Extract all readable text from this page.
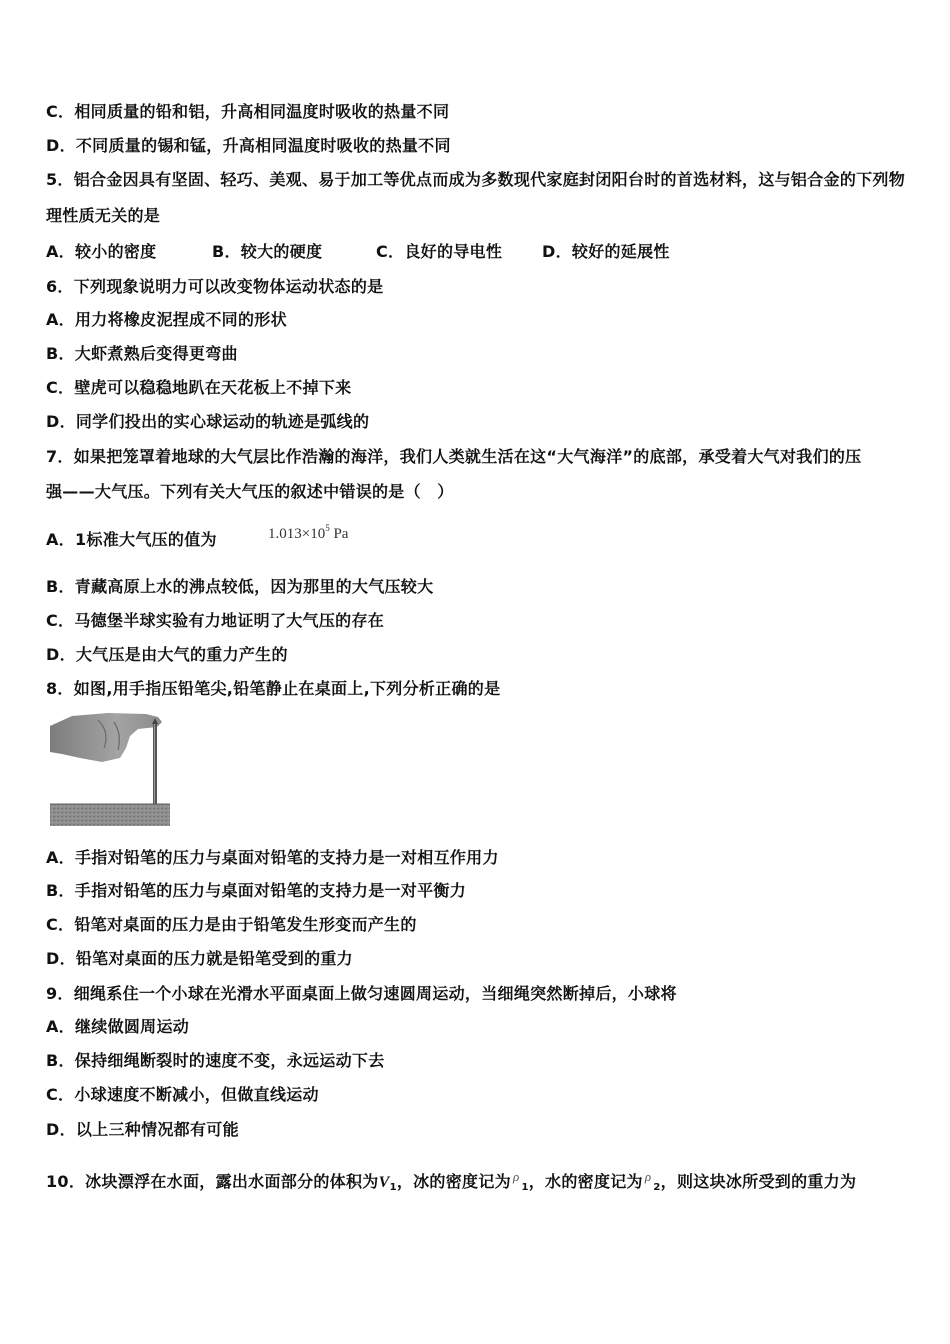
C．相同质量的铅和铝，升高相同温度时吸收的热量不同
D．不同质量的锡和锰，升高相同温度时吸收的热量不同
5．铝合金因具有坚固、轻巧、美观、易于加工等优点而成为多数现代家庭封闭阳台时的首选材料，这与铝合金的下列物
理性质无关的是
A．较小的密度	B．较大的硬度	C．良好的导电性 D．较好的延展性
6．下列现象说明力可以改变物体运动状态的是
A．用力将橡皮泥捏成不同的形状
B．大虾煮熟后变得更弯曲
C．壁虎可以稳稳地趴在天花板上不掉下来
D．同学们投出的实心球运动的轨迹是弧线的
7．如果把笼罩着地球的大气层比作浩瀚的海洋，我们人类就生活在这“大气海洋”的底部，承受着大气对我们的压
强——大气压。下列有关大气压的叙述中错误的是（　）
A．1标准大气压的值为	$1.013\times 10^5$ Pa
B．青藏高原上水的沸点较低，因为那里的大气压较大
C．马德堡半球实验有力地证明了大气压的存在
D．大气压是由大气的重力产生的
8．如图,用手指压铅笔尖,铅笔静止在桌面上,下列分析正确的是
A．手指对铅笔的压力与桌面对铅笔的支持力是一对相互作用力
B．手指对铅笔的压力与桌面对铅笔的支持力是一对平衡力
C．铅笔对桌面的压力是由于铅笔发生形变而产生的
D．铅笔对桌面的压力就是铅笔受到的重力
9．细绳系住一个小球在光滑水平面桌面上做匀速圆周运动，当细绳突然断掉后，小球将
A．继续做圆周运动
B．保持细绳断裂时的速度不变，永远运动下去
C．小球速度不断减小，但做直线运动
D．以上三种情况都有可能
10．冰块漂浮在水面，露出水面部分的体积为$V_1$，冰的密度记为 $^\rho_1$，水的密度记为 $^\rho_2$，则这块冰所受到的重力为
